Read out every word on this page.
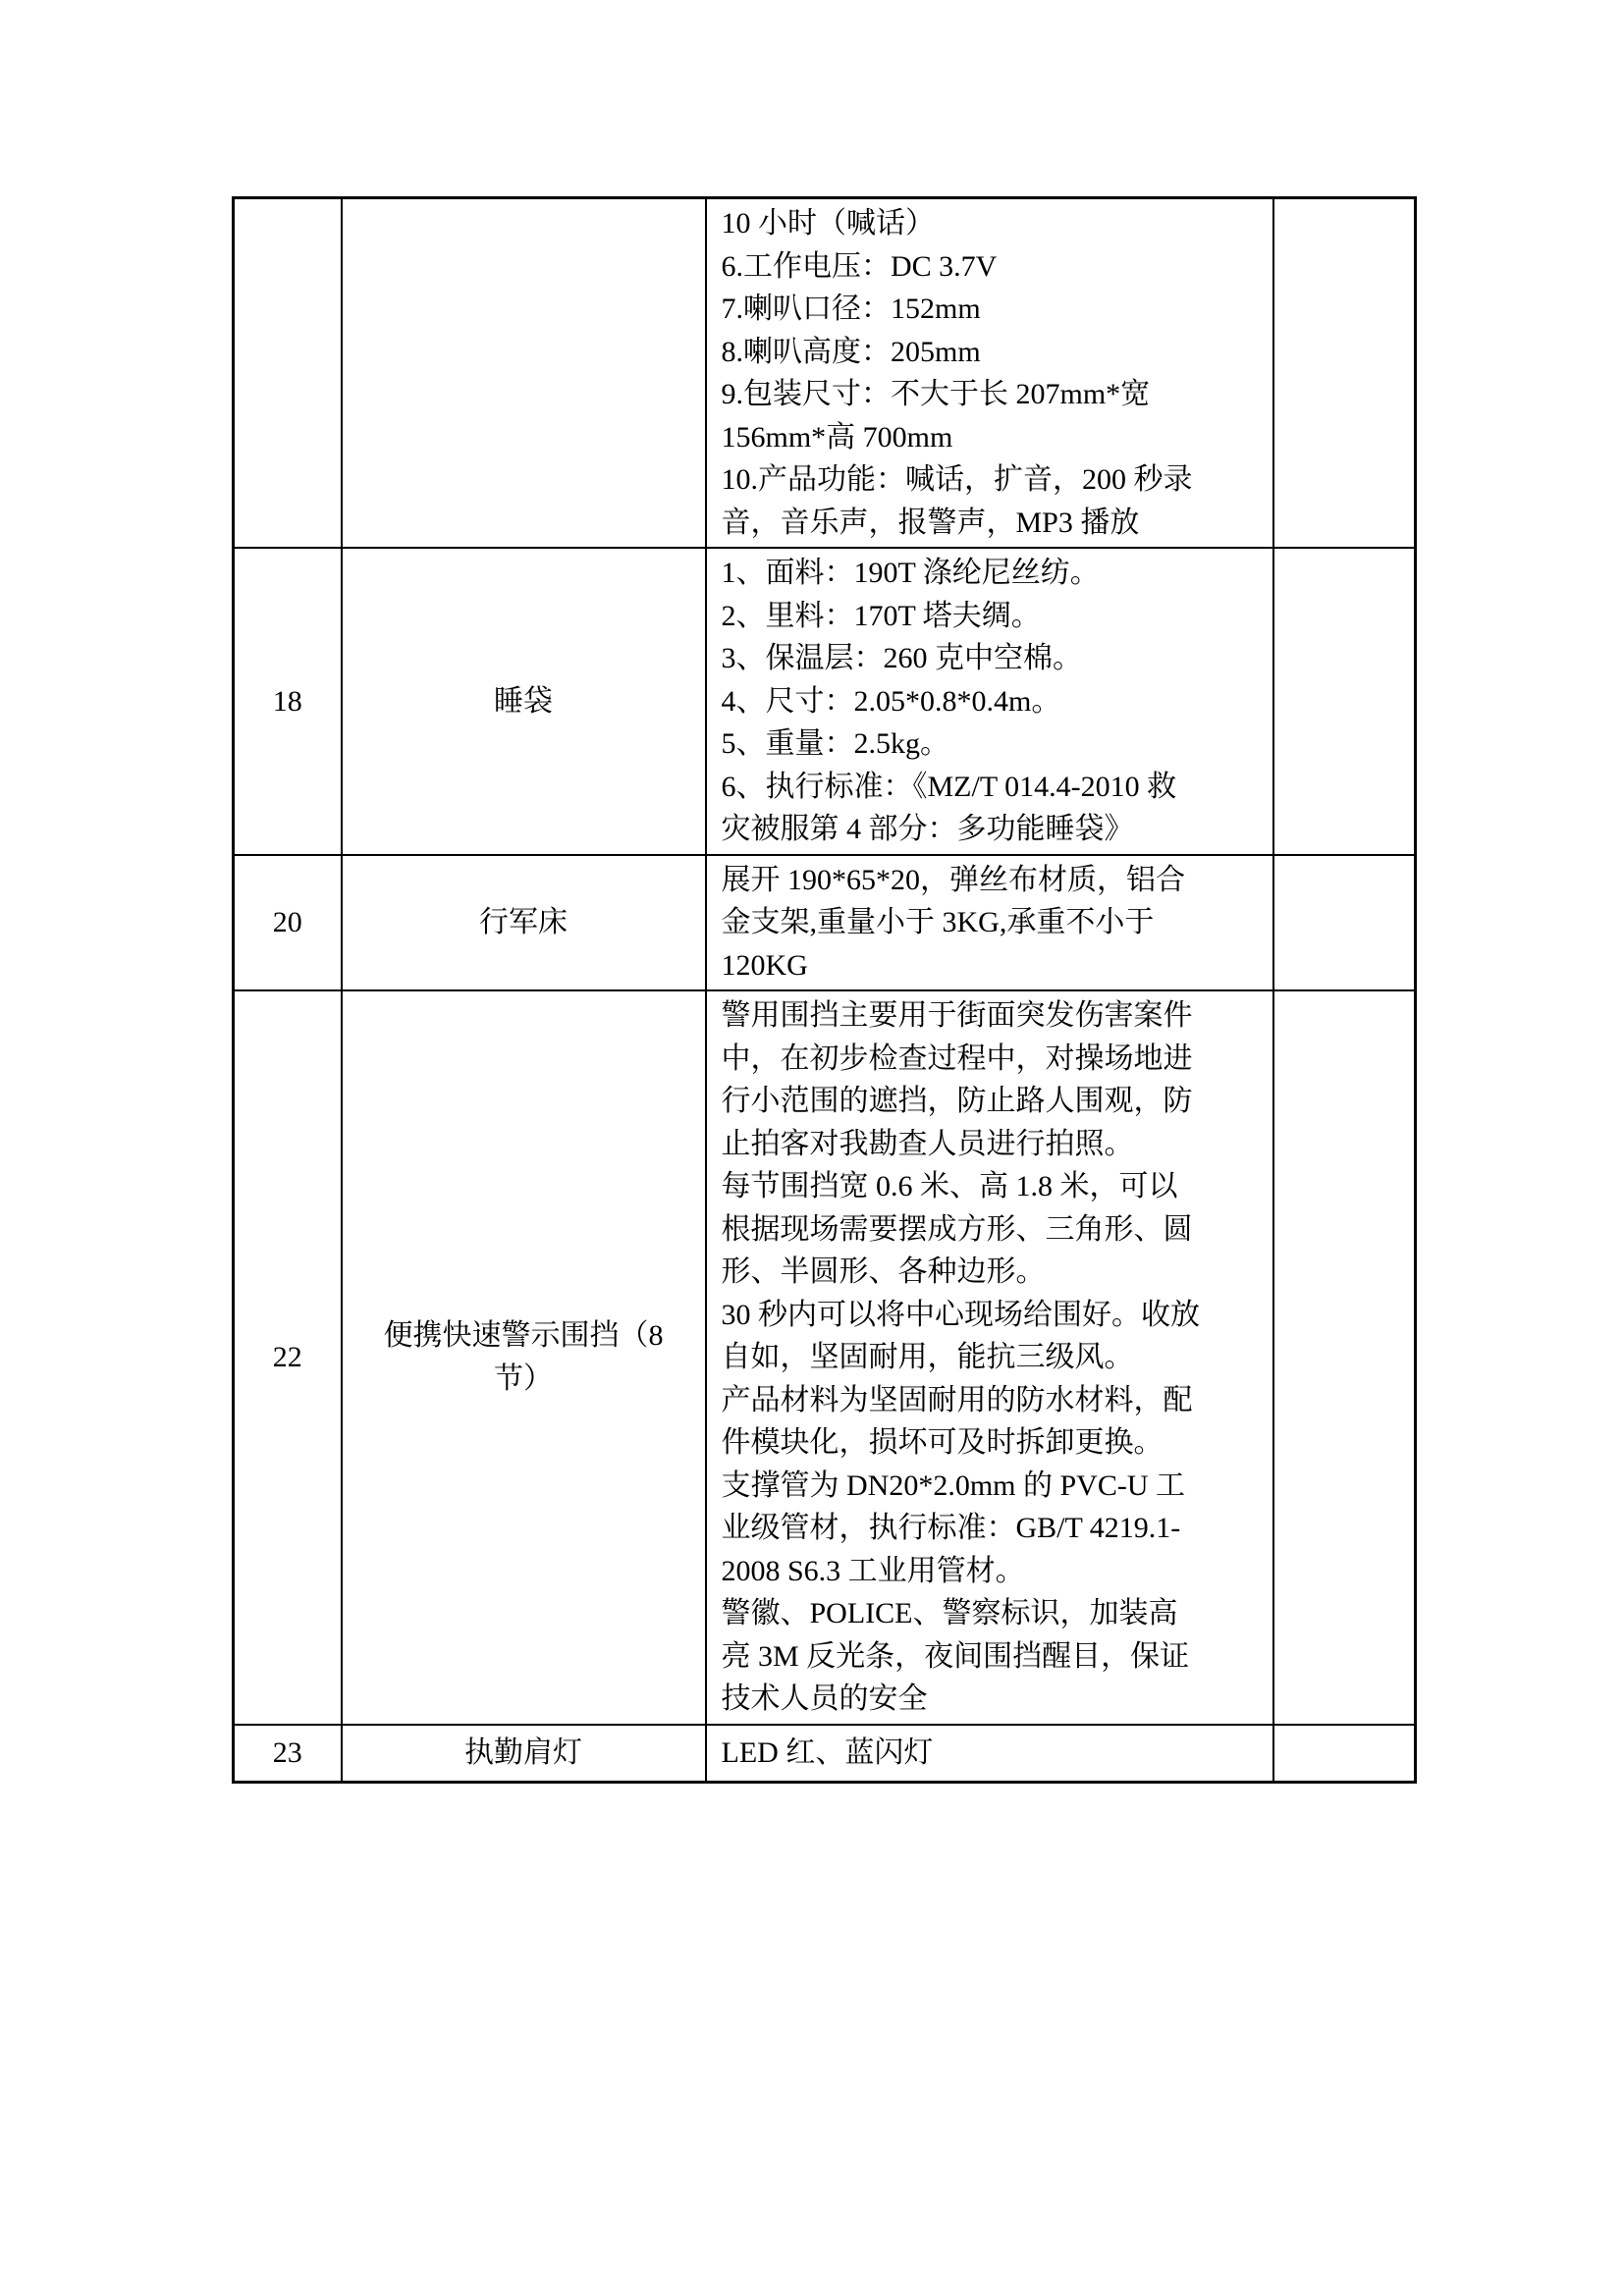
10 小时（喊话）
6.工作电压：DC 3.7V
7.喇叭口径：152mm
8.喇叭高度：205mm
9.包装尺寸：不大于长 207mm*宽 156mm*高 700mm
10.产品功能：喊话，扩音，200 秒录音，音乐声，报警声，MP3 播放

18	睡袋	
1、面料：190T 涤纶尼丝纺。
2、里料：170T 塔夫绸。
3、保温层：260 克中空棉。
4、尺寸：2.05*0.8*0.4m。
5、重量：2.5kg。
6、执行标准：《MZ/T 014.4-2010 救灾被服第 4 部分：多功能睡袋》

20	行军床	展开 190*65*20，弹丝布材质，铝合金支架,重量小于 3KG,承重不小于 120KG	

22	便携快速警示围挡（8节）	
警用围挡主要用于街面突发伤害案件中，在初步检查过程中，对操场地进行小范围的遮挡，防止路人围观，防止拍客对我勘查人员进行拍照。
每节围挡宽 0.6 米、高 1.8 米，可以根据现场需要摆成方形、三角形、圆形、半圆形、各种边形。
30 秒内可以将中心现场给围好。收放自如，坚固耐用，能抗三级风。
产品材料为坚固耐用的防水材料，配件模块化，损坏可及时拆卸更换。
支撑管为 DN20*2.0mm 的 PVC-U 工业级管材，执行标准：GB/T 4219.1-2008 S6.3 工业用管材。
警徽、POLICE、警察标识，加装高亮 3M 反光条，夜间围挡醒目，保证技术人员的安全

23	执勤肩灯	LED 红、蓝闪灯	
